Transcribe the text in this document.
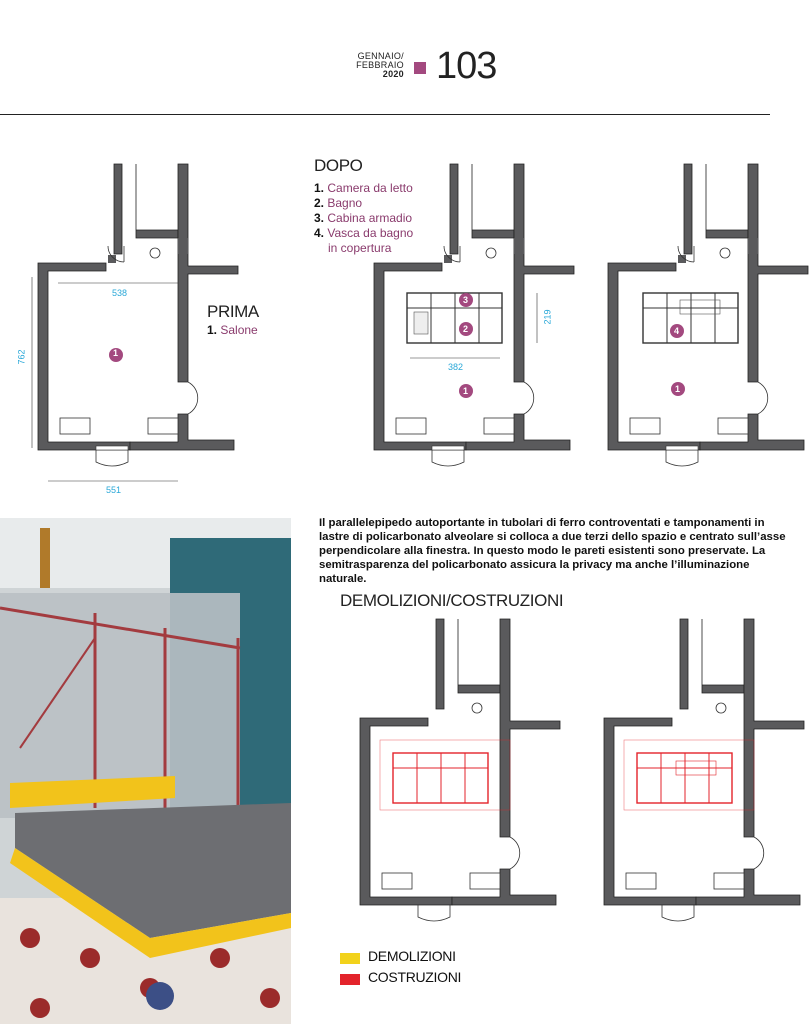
GENNAIO/
FEBBRAIO
2020 103
538
762
551
1
PRIMA
1. Salone
DOPO
1. Camera da letto
2. Bagno
3. Cabina armadio
4. Vasca da bagno
in copertura
219
382
3
2
1
4
1
Il parallelepipedo autoportante in tubolari di ferro controventati e tamponamenti in lastre di policarbonato alveolare si colloca a due terzi dello spazio e centrato sull’asse perpendicolare alla finestra. In questo modo le pareti esistenti sono preservate. La semitrasparenza del policarbonato assicura la privacy ma anche l’illuminazione naturale.
DEMOLIZIONI/COSTRUZIONI
DEMOLIZIONI
COSTRUZIONI
